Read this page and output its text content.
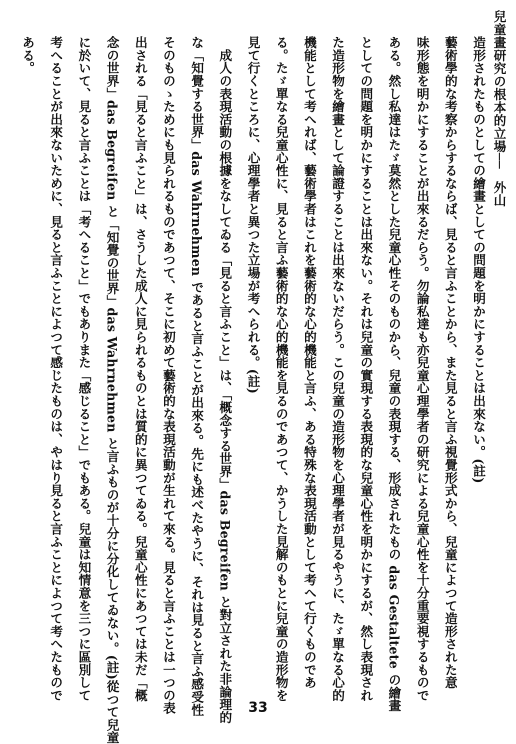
兒童畫研究の根本的立場──外山
造形されたものとしての繪畫としての問題を明かにすることは出來ない。(註)
藝術學的な考察からするならば、見ると言ふことから、また見ると言ふ視覺形式から、兒童によつて造形された意
味形態を明かにすることが出來るだらう。勿論私達も亦兒童心理學者の研究による兒童心性を十分重要視するもので
ある。然し私達はたゞ莫然とした兒童心性そのものから、兒童の表現する、形成されたもの das Gestaltete の繪畫
としての問題を明かにすることは出來ない。それは兒童の實現する表現的な兒童心性を明かにするが、然し表現され
た造形物を繪畫として論證することは出來ないだらう。この兒童の造形物を心理學者が見るやうに、たゞ單なる心的
機能として考へれば、藝術學者はこれを藝術的な心的機能と言ふ、ある特殊な表現活動として考へて行くものであ
る。たゞ單なる兒童心性に、見ると言ふ藝術的な心的機能を見るのであつて、かうした見解のもとに兒童の造形物を
見て行くところに、心理學者と異つた立場が考へられる。(註)
　成人の表現活動の根據をなしてゐる「見ると言ふこと」は、「概念する世界」das Begreifen と對立された非論理的
な「知覺する世界」das Wahrnehmen であると言ふことが出來る。先にも述べたやうに、それは見ると言ふ感受性
そのものゝためにも見られるものであつて、そこに初めて藝術的な表現活動が生れて來る。見ると言ふことは一つの表
出される「見ると言ふこと」は、さうした成人に見られるものとは質的に異つてゐる。兒童心性にあつては未だ「概
念の世界」das Begreifen と「知覺の世界」das Wahrnehmen と言ふものが十分に分化してゐない。(註)從つて兒童
に於いて、見ると言ふことは「考へること」でもありまた「感じること」でもある。兒童は知情意を三つに區別して
考へることが出來ないために、見ると言ふことによつて感じたものは、やはり見ると言ふことによつて考へたもので
ある。
33
